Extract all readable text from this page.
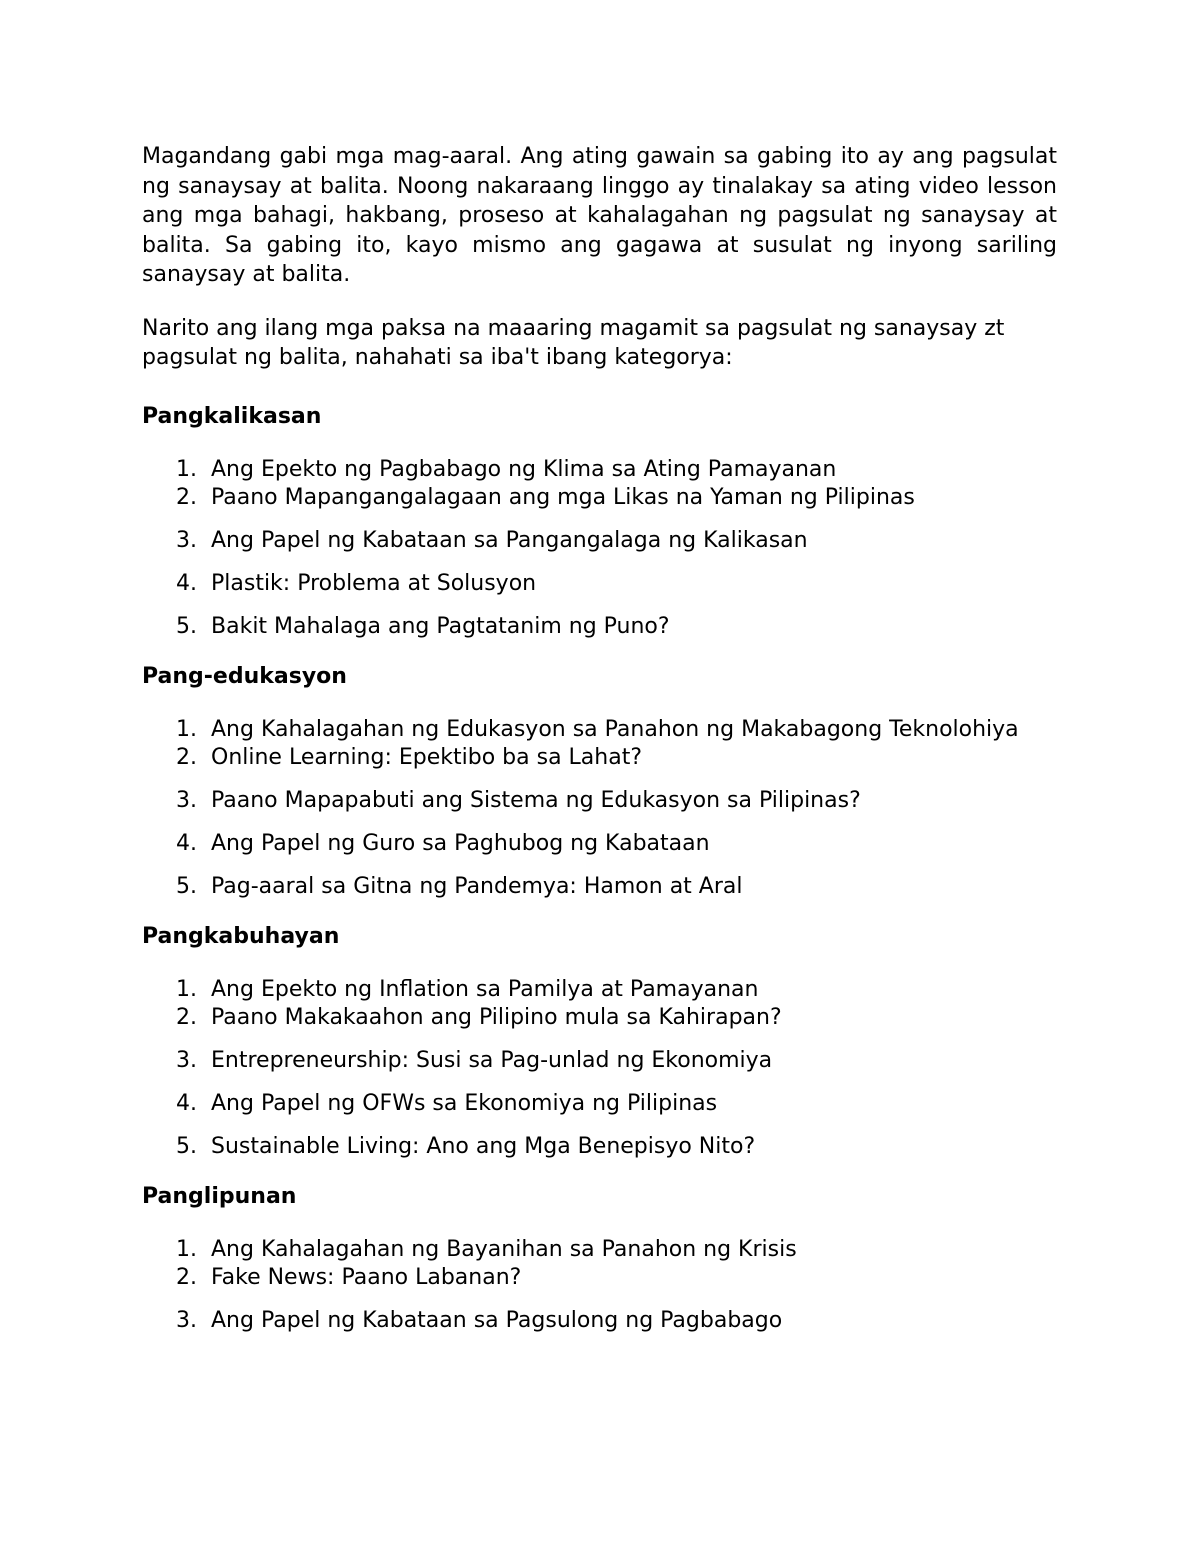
Magandang gabi mga mag-aaral. Ang ating gawain sa gabing ito ay ang pagsulat ng sanaysay at balita. Noong nakaraang linggo ay tinalakay sa ating video lesson ang mga bahagi, hakbang, proseso at kahalagahan ng pagsulat ng sanaysay at balita. Sa gabing ito, kayo mismo ang gagawa at susulat ng inyong sariling sanaysay at balita.

Narito ang ilang mga paksa na maaaring magamit sa pagsulat ng sanaysay zt pagsulat ng balita, nahahati sa iba't ibang kategorya:

Pangkalikasan
1. Ang Epekto ng Pagbabago ng Klima sa Ating Pamayanan
2. Paano Mapangangalagaan ang mga Likas na Yaman ng Pilipinas
3. Ang Papel ng Kabataan sa Pangangalaga ng Kalikasan
4. Plastik: Problema at Solusyon
5. Bakit Mahalaga ang Pagtatanim ng Puno?
Pang-edukasyon
1. Ang Kahalagahan ng Edukasyon sa Panahon ng Makabagong Teknolohiya
2. Online Learning: Epektibo ba sa Lahat?
3. Paano Mapapabuti ang Sistema ng Edukasyon sa Pilipinas?
4. Ang Papel ng Guro sa Paghubog ng Kabataan
5. Pag-aaral sa Gitna ng Pandemya: Hamon at Aral
Pangkabuhayan
1. Ang Epekto ng Inflation sa Pamilya at Pamayanan
2. Paano Makakaahon ang Pilipino mula sa Kahirapan?
3. Entrepreneurship: Susi sa Pag-unlad ng Ekonomiya
4. Ang Papel ng OFWs sa Ekonomiya ng Pilipinas
5. Sustainable Living: Ano ang Mga Benepisyo Nito?
Panglipunan
1. Ang Kahalagahan ng Bayanihan sa Panahon ng Krisis
2. Fake News: Paano Labanan?
3. Ang Papel ng Kabataan sa Pagsulong ng Pagbabago
